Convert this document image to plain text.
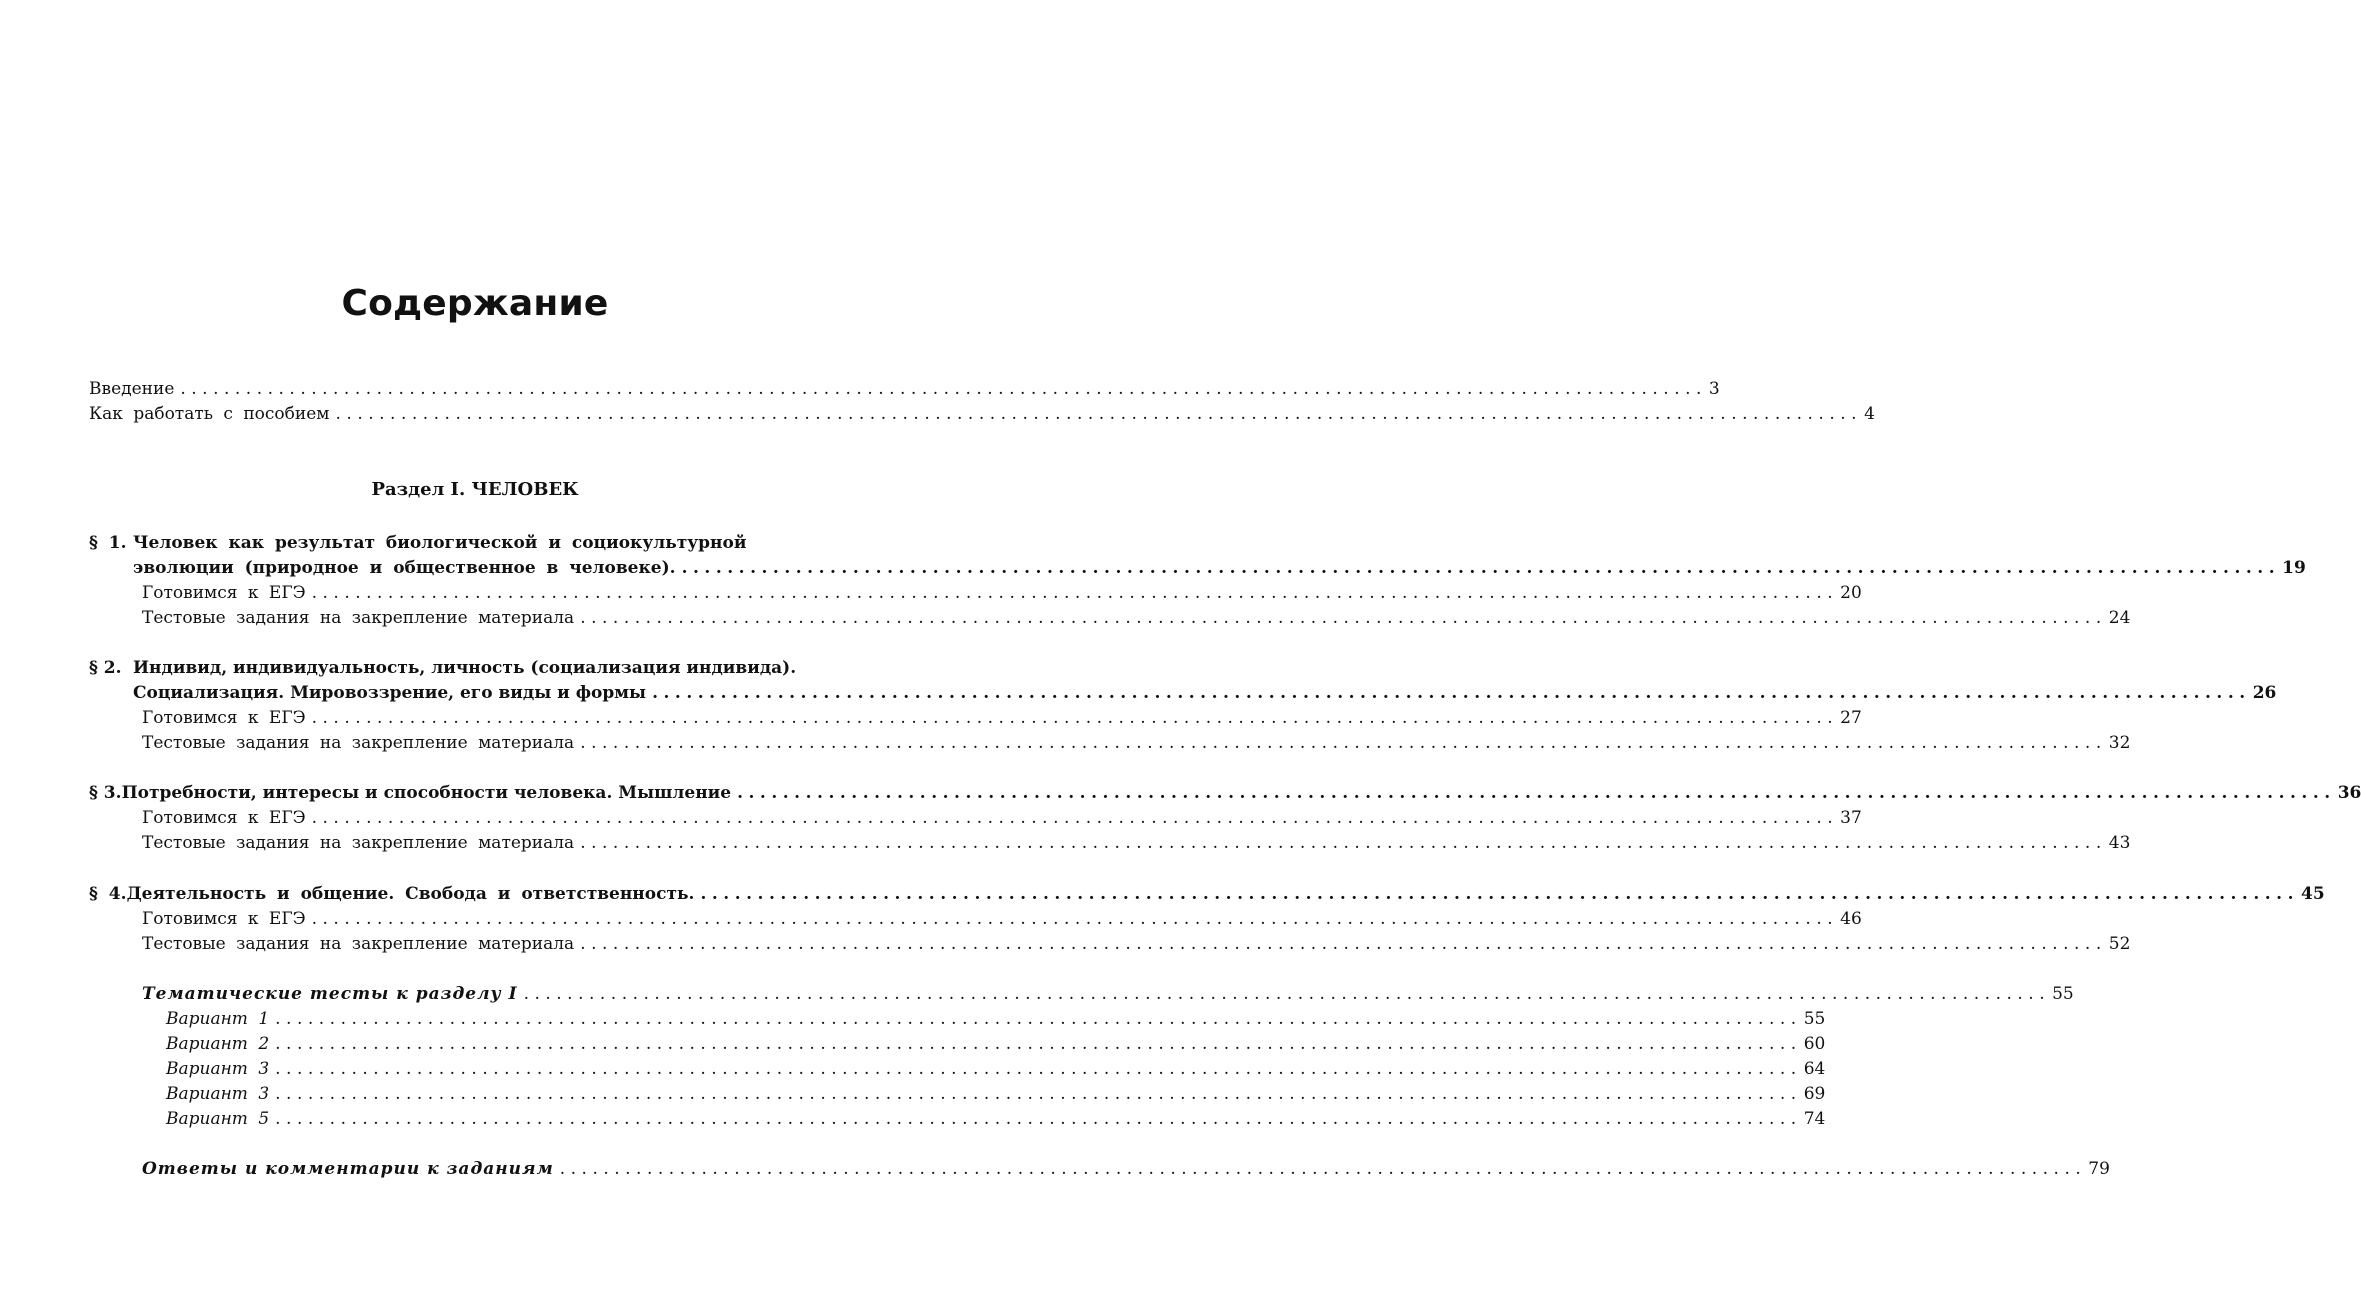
Содержание
Введение ............................................................................................................................................ 3
Как работать с пособием ............................................................................................................................................ 4
Раздел I. ЧЕЛОВЕК
§ 1. Человек как результат биологической и социокультурной
эволюции (природное и общественное в человеке). ............................................................................................................................................ 19
Готовимся к ЕГЭ ............................................................................................................................................ 20
Тестовые задания на закрепление материала ............................................................................................................................................ 24
§ 2. Индивид, индивидуальность, личность (социализация индивида).
Социализация. Мировоззрение, его виды и формы ............................................................................................................................................ 26
Готовимся к ЕГЭ ............................................................................................................................................ 27
Тестовые задания на закрепление материала ............................................................................................................................................ 32
§ 3. Потребности, интересы и способности человека. Мышление ............................................................................................................................................ 36
Готовимся к ЕГЭ ............................................................................................................................................ 37
Тестовые задания на закрепление материала ............................................................................................................................................ 43
§ 4. Деятельность и общение. Свобода и ответственность. ............................................................................................................................................ 45
Готовимся к ЕГЭ ............................................................................................................................................ 46
Тестовые задания на закрепление материала ............................................................................................................................................ 52
Тематические тесты к разделу I ............................................................................................................................................ 55
Вариант 1 ............................................................................................................................................ 55
Вариант 2 ............................................................................................................................................ 60
Вариант 3 ............................................................................................................................................ 64
Вариант 3 ............................................................................................................................................ 69
Вариант 5 ............................................................................................................................................ 74
Ответы и комментарии к заданиям ............................................................................................................................................ 79
